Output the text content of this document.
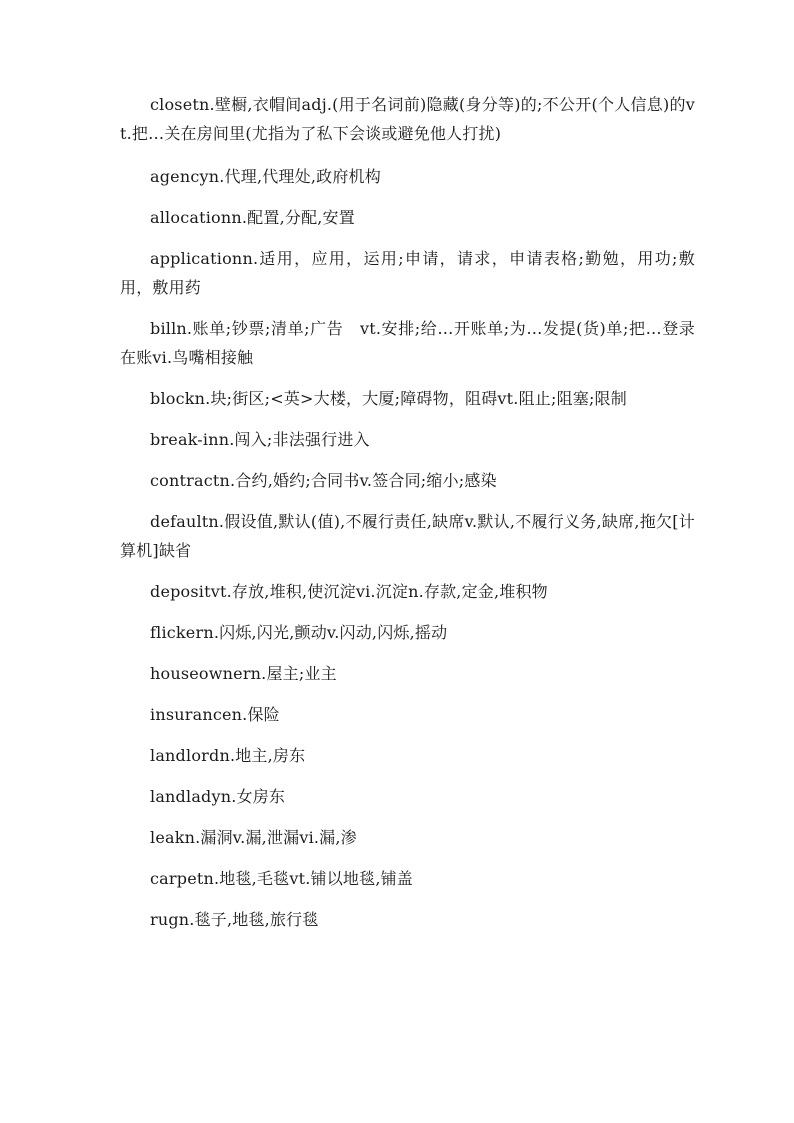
closetn.壁橱,衣帽间adj.(用于名词前)隐藏(身分等)的;不公开(个人信息)的vt.把…关在房间里(尤指为了私下会谈或避免他人打扰)

agencyn.代理,代理处,政府机构

allocationn.配置,分配,安置

applicationn.适用，应用，运用;申请，请求，申请表格;勤勉，用功;敷用，敷用药

billn.账单;钞票;清单;广告　vt.安排;给…开账单;为…发提(货)单;把…登录在账vi.鸟嘴相接触

blockn.块;街区;<英>大楼，大厦;障碍物，阻碍vt.阻止;阻塞;限制

break-inn.闯入;非法强行进入

contractn.合约,婚约;合同书v.签合同;缩小;感染

defaultn.假设值,默认(值),不履行责任,缺席v.默认,不履行义务,缺席,拖欠[计算机]缺省

depositvt.存放,堆积,使沉淀vi.沉淀n.存款,定金,堆积物

flickern.闪烁,闪光,颤动v.闪动,闪烁,摇动

houseownern.屋主;业主

insurancen.保险

landlordn.地主,房东

landladyn.女房东

leakn.漏洞v.漏,泄漏vi.漏,渗

carpetn.地毯,毛毯vt.铺以地毯,铺盖

rugn.毯子,地毯,旅行毯
